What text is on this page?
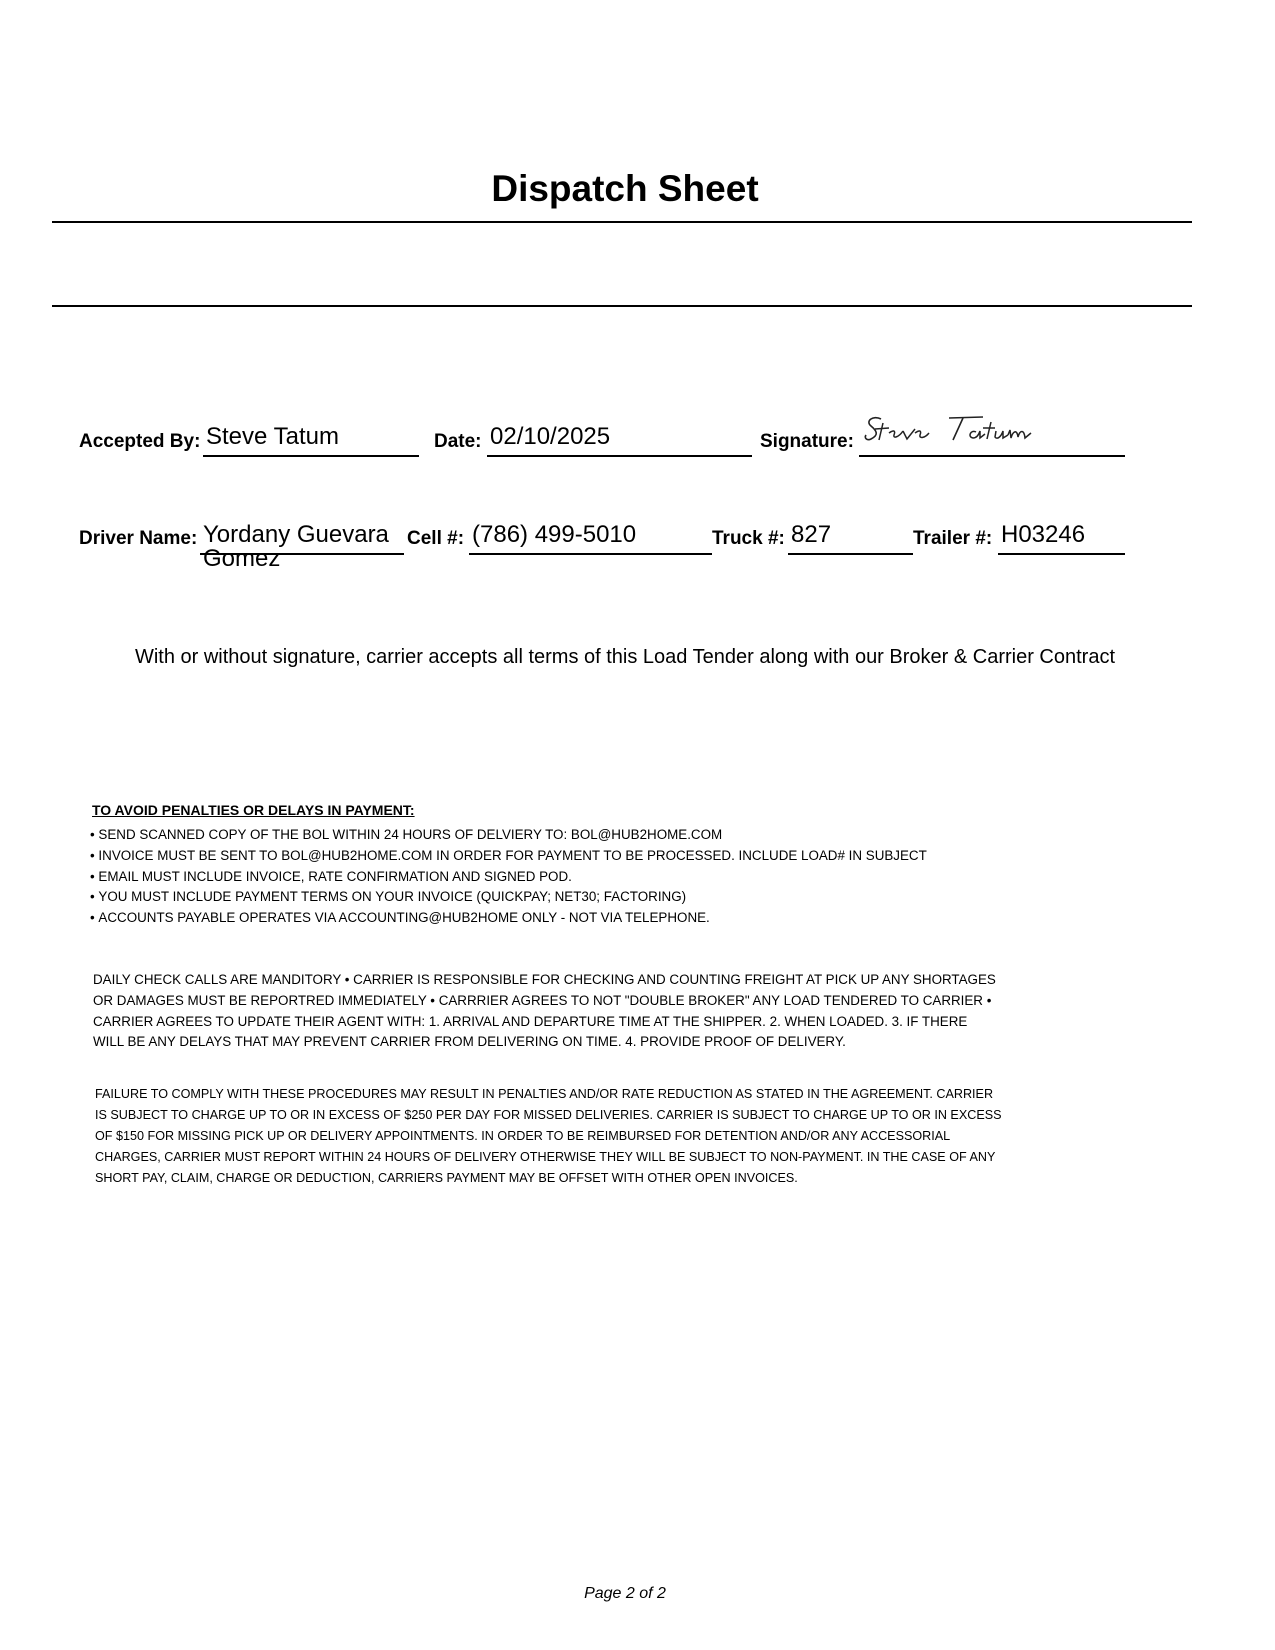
Dispatch Sheet
Accepted By: Steve Tatum	Date: 02/10/2025	Signature:
Driver Name: Yordany Guevara
Gomez
Cell #: (786) 499-5010	Truck #: 827	Trailer #: H03246
With or without signature, carrier accepts all terms of this Load Tender along with our Broker & Carrier Contract
TO AVOID PENALTIES OR DELAYS IN PAYMENT:
• SEND SCANNED COPY OF THE BOL WITHIN 24 HOURS OF DELVIERY TO: BOL@HUB2HOME.COM
• INVOICE MUST BE SENT TO BOL@HUB2HOME.COM IN ORDER FOR PAYMENT TO BE PROCESSED. INCLUDE LOAD# IN SUBJECT
• EMAIL MUST INCLUDE INVOICE, RATE CONFIRMATION AND SIGNED POD.
• YOU MUST INCLUDE PAYMENT TERMS ON YOUR INVOICE (QUICKPAY; NET30; FACTORING)
• ACCOUNTS PAYABLE OPERATES VIA ACCOUNTING@HUB2HOME ONLY - NOT VIA TELEPHONE.
DAILY CHECK CALLS ARE MANDITORY • CARRIER IS RESPONSIBLE FOR CHECKING AND COUNTING FREIGHT AT PICK UP ANY SHORTAGES
OR DAMAGES MUST BE REPORTRED IMMEDIATELY • CARRRIER AGREES TO NOT "DOUBLE BROKER" ANY LOAD TENDERED TO CARRIER •
CARRIER AGREES TO UPDATE THEIR AGENT WITH: 1. ARRIVAL AND DEPARTURE TIME AT THE SHIPPER. 2. WHEN LOADED. 3. IF THERE
WILL BE ANY DELAYS THAT MAY PREVENT CARRIER FROM DELIVERING ON TIME. 4. PROVIDE PROOF OF DELIVERY.
FAILURE TO COMPLY WITH THESE PROCEDURES MAY RESULT IN PENALTIES AND/OR RATE REDUCTION AS STATED IN THE AGREEMENT. CARRIER
IS SUBJECT TO CHARGE UP TO OR IN EXCESS OF $250 PER DAY FOR MISSED DELIVERIES. CARRIER IS SUBJECT TO CHARGE UP TO OR IN EXCESS
OF $150 FOR MISSING PICK UP OR DELIVERY APPOINTMENTS. IN ORDER TO BE REIMBURSED FOR DETENTION AND/OR ANY ACCESSORIAL
CHARGES, CARRIER MUST REPORT WITHIN 24 HOURS OF DELIVERY OTHERWISE THEY WILL BE SUBJECT TO NON-PAYMENT. IN THE CASE OF ANY
SHORT PAY, CLAIM, CHARGE OR DEDUCTION, CARRIERS PAYMENT MAY BE OFFSET WITH OTHER OPEN INVOICES.
Page 2 of 2
